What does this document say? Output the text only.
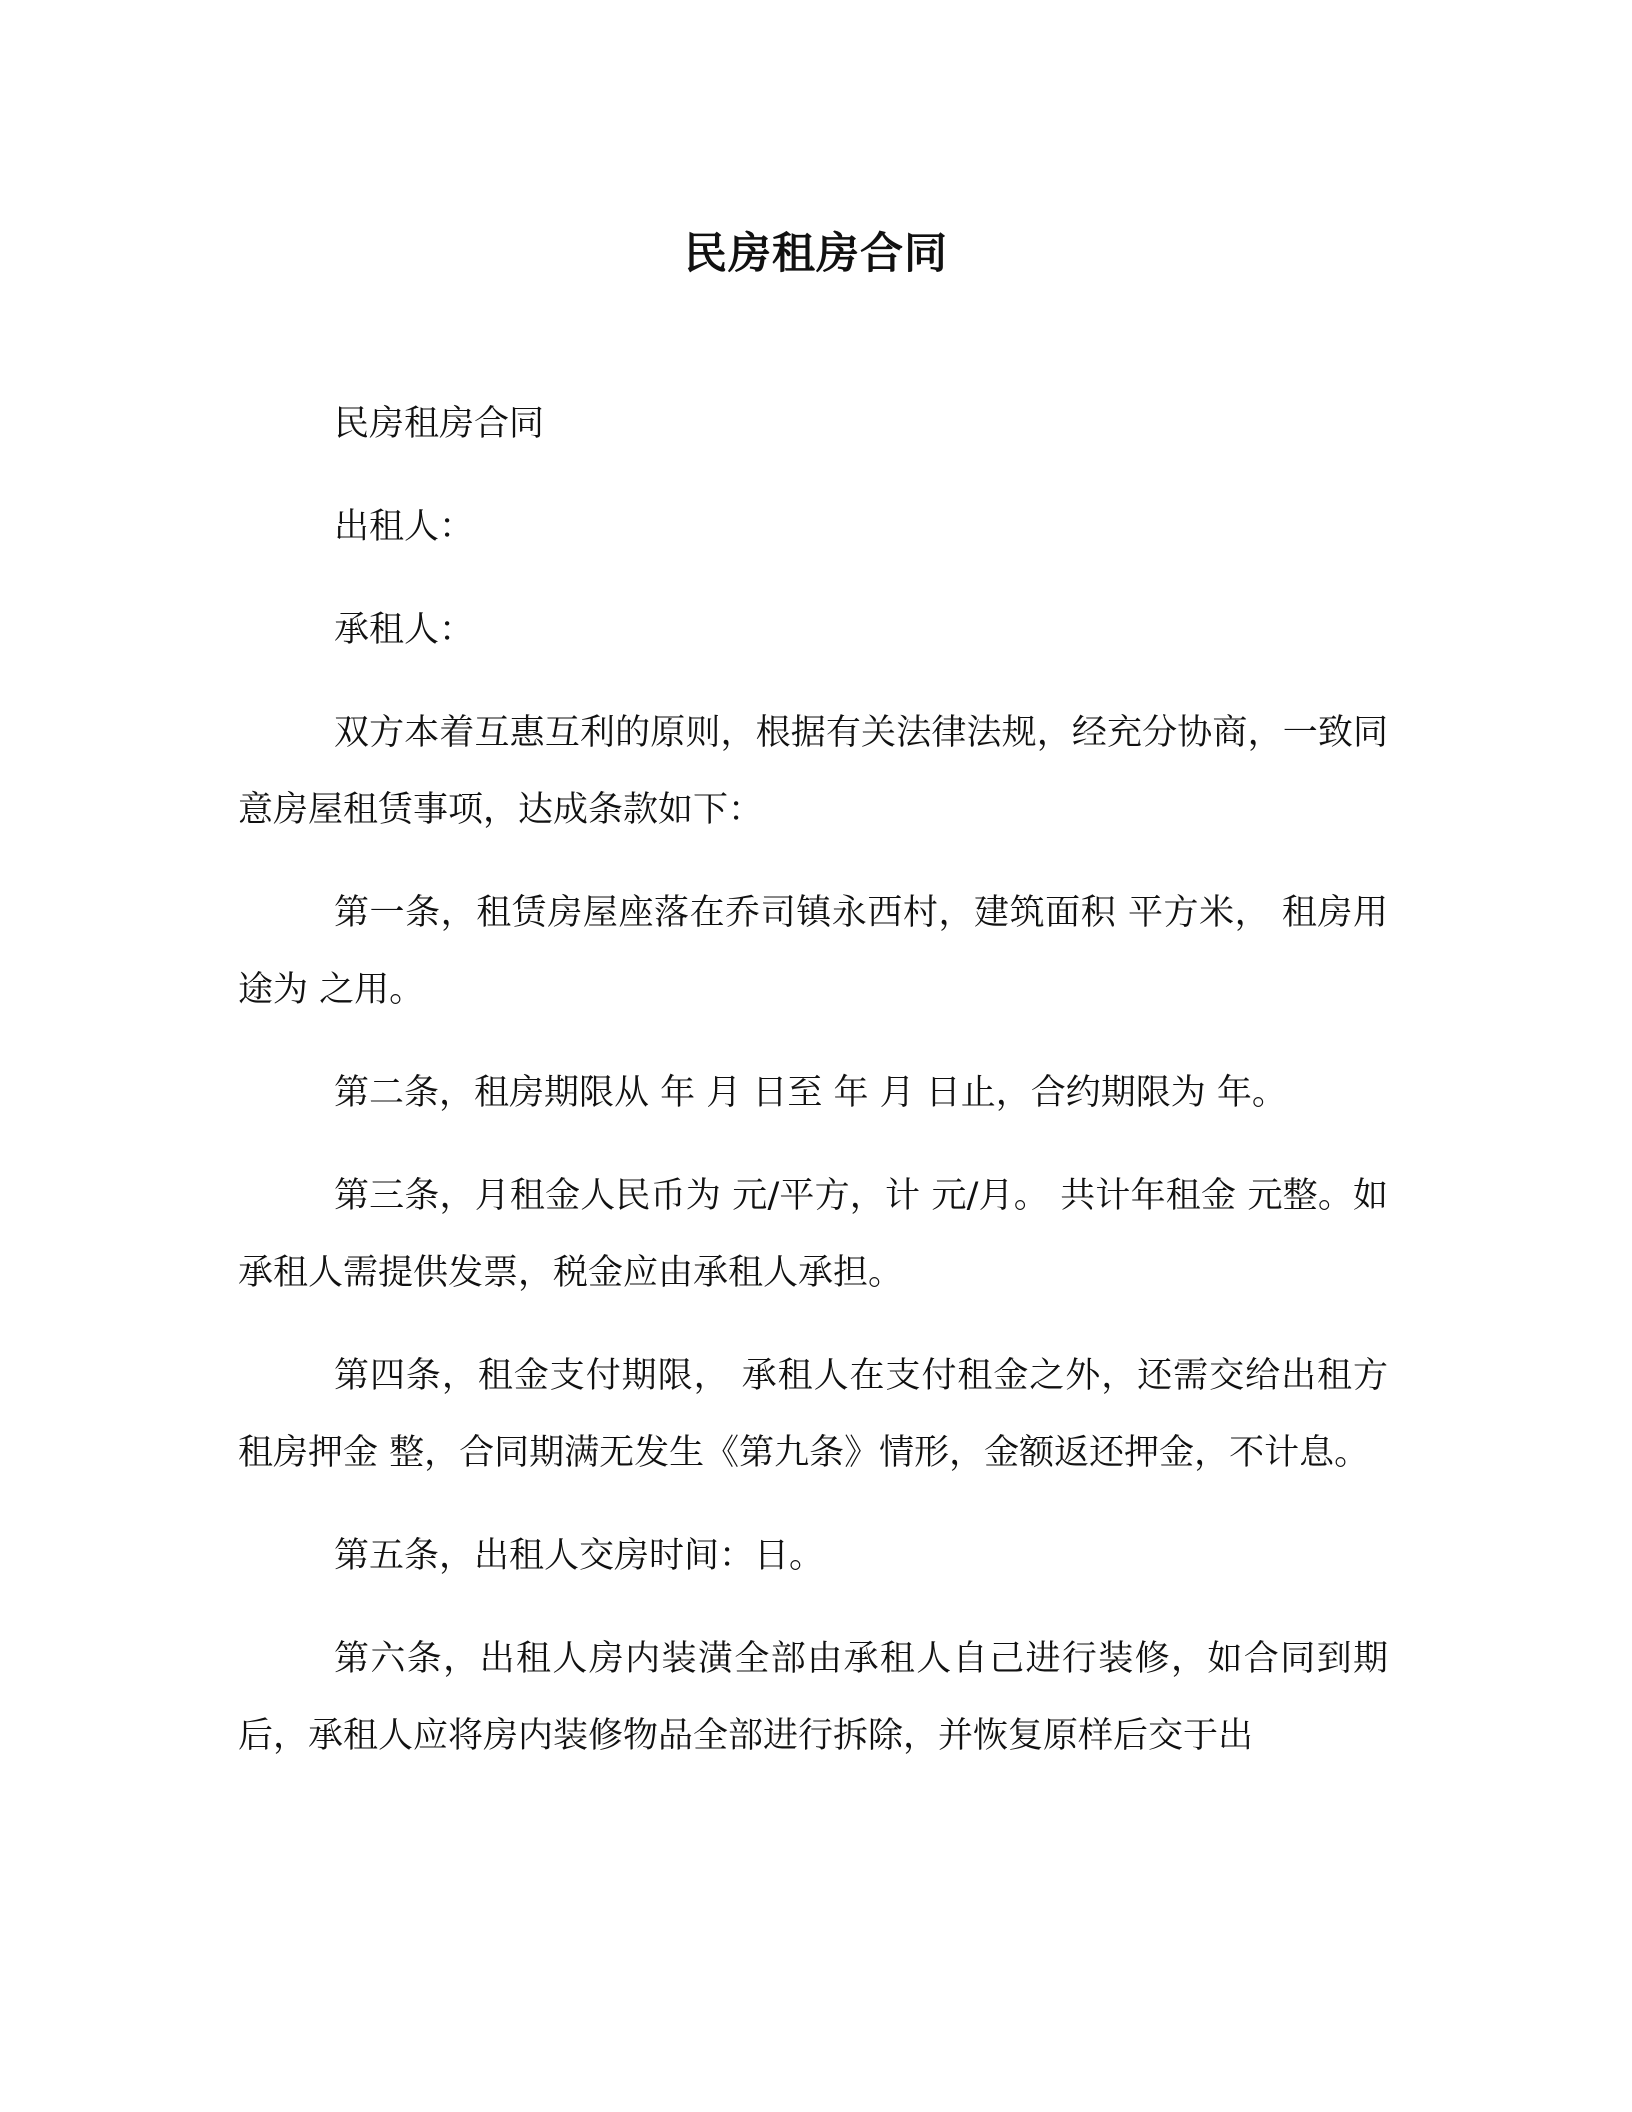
民房租房合同

民房租房合同

出租人：

承租人：

双方本着互惠互利的原则，根据有关法律法规，经充分协商，一致同意房屋租赁事项，达成条款如下：

第一条，租赁房屋座落在乔司镇永西村，建筑面积 平方米， 租房用途为 之用。

第二条，租房期限从 年 月 日至 年 月 日止，合约期限为 年。

第三条，月租金人民币为 元/平方，计 元/月。 共计年租金 元整。如承租人需提供发票，税金应由承租人承担。

第四条，租金支付期限， 承租人在支付租金之外，还需交给出租方租房押金 整，合同期满无发生《第九条》情形，金额返还押金，不计息。

第五条，出租人交房时间：日。

第六条，出租人房内装潢全部由承租人自己进行装修，如合同到期后，承租人应将房内装修物品全部进行拆除，并恢复原样后交于出
